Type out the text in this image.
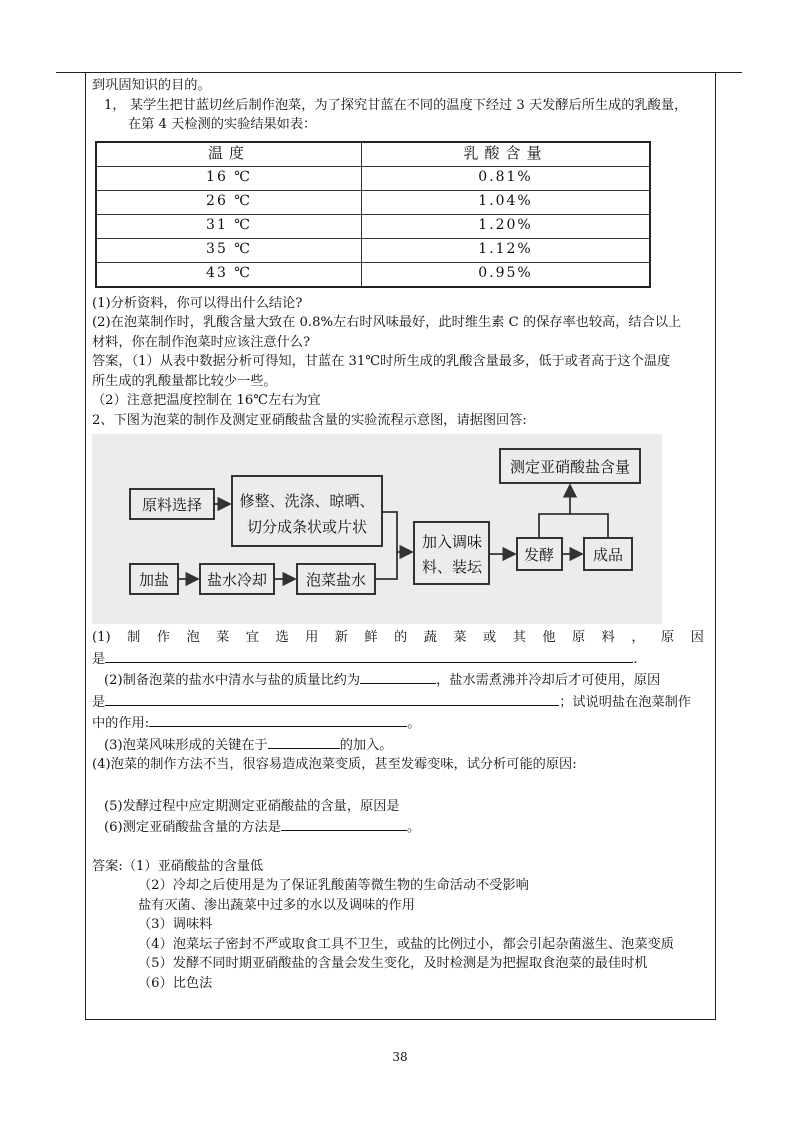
到巩固知识的目的。

1， 某学生把甘蓝切丝后制作泡菜，为了探究甘蓝在不同的温度下经过 3 天发酵后所生成的乳酸量，

在第 4 天检测的实验结果如表：

温度	乳酸含量
16 ℃	0.81%
26 ℃	1.04%
31 ℃	1.20%
35 ℃	1.12%
43 ℃	0.95%

(1)分析资料，你可以得出什么结论?

(2)在泡菜制作时，乳酸含量大致在 0.8%左右时风味最好，此时维生素 C 的保存率也较高，结合以上

材料，你在制作泡菜时应该注意什么?

答案，（1）从表中数据分析可得知，甘蓝在 31℃时所生成的乳酸含量最多，低于或者高于这个温度

所生成的乳酸量都比较少一些。

（2）注意把温度控制在 16℃左右为宜

2、下图为泡菜的制作及测定亚硝酸盐含量的实验流程示意图，请据图回答:

原料选择 修整、洗涤、晾晒、
切分成条状或片状
加盐	盐水冷却	泡菜盐水
加入调味
料、装坛
发酵	成品
测定亚硝酸盐含量
(1) 制 作 泡 菜 宜 选 用 新 鲜 的 蔬 菜 或 其 他 原 料 ， 原 因

是	.

(2)制备泡菜的盐水中清水与盐的质量比约为	，盐水需煮沸并冷却后才可使用，原因

是	；试说明盐在泡菜制作

中的作用:	。

(3)泡菜风味形成的关键在于	的加入。

(4)泡菜的制作方法不当，很容易造成泡菜变质，甚至发霉变味，试分析可能的原因:

(5)发酵过程中应定期测定亚硝酸盐的含量，原因是

(6)测定亚硝酸盐含量的方法是	。

答案:（1）亚硝酸盐的含量低

（2）冷却之后使用是为了保证乳酸菌等微生物的生命活动不受影响

盐有灭菌、渗出蔬菜中过多的水以及调味的作用

（3）调味料

（4）泡菜坛子密封不严或取食工具不卫生，或盐的比例过小，都会引起杂菌滋生、泡菜变质

（5）发酵不同时期亚硝酸盐的含量会发生变化，及时检测是为把握取食泡菜的最佳时机

（6）比色法

38
